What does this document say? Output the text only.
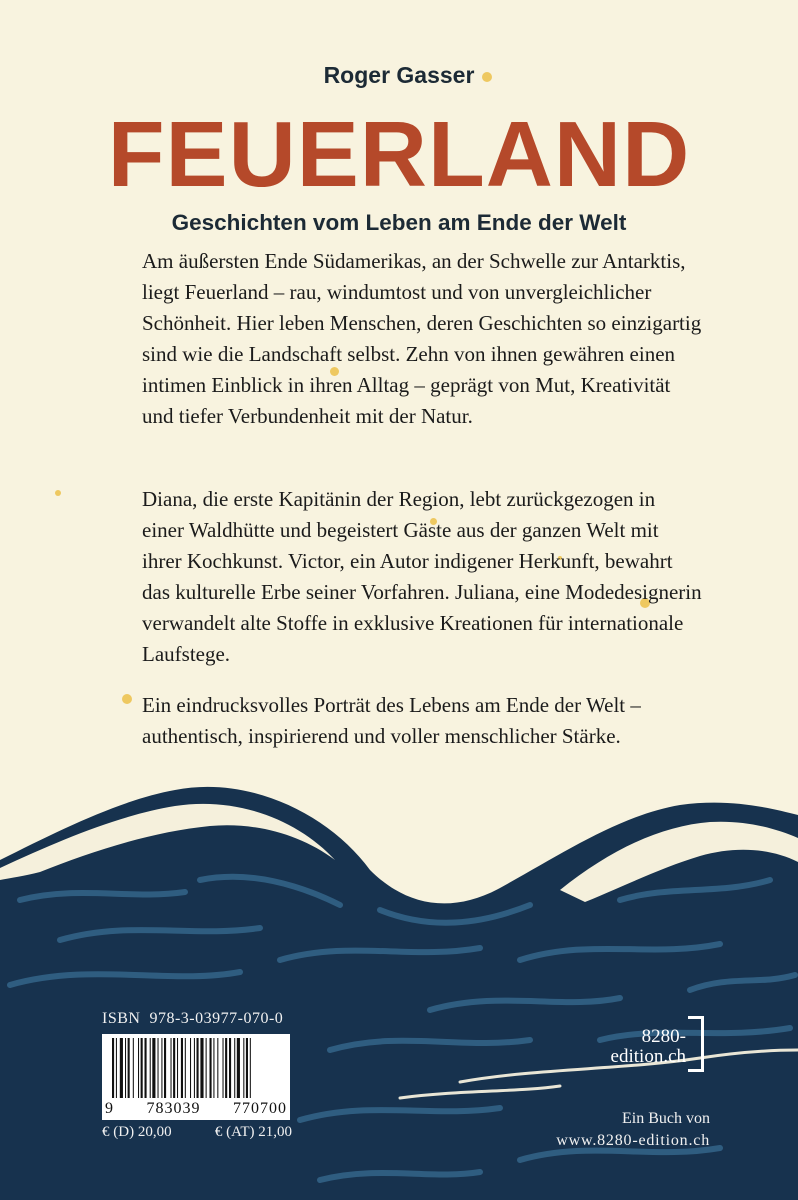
Roger Gasser
FEUERLAND
Geschichten vom Leben am Ende der Welt

Am äußersten Ende Südamerikas, an der Schwelle zur Antarktis, liegt Feuerland – rau, windumtost und von unvergleichlicher Schönheit. Hier leben Menschen, deren Geschichten so einzigartig sind wie die Landschaft selbst. Zehn von ihnen gewähren einen intimen Einblick in ihren Alltag – geprägt von Mut, Kreativität und tiefer Verbundenheit mit der Natur.

Diana, die erste Kapitänin der Region, lebt zurückgezogen in einer Waldhütte und begeistert Gäste aus der ganzen Welt mit ihrer Kochkunst. Victor, ein Autor indigener Herkunft, bewahrt das kulturelle Erbe seiner Vorfahren. Juliana, eine Modedesignerin verwandelt alte Stoffe in exklusive Kreationen für internationale Laufstege.

Ein eindrucksvolles Porträt des Lebens am Ende der Welt – authentisch, inspirierend und voller menschlicher Stärke.

ISBN 978-3-03977-070-0
9 783039 770700
€ (D) 20,00	€ (AT) 21,00
8280-
edition.ch
Ein Buch von
www.8280-edition.ch
